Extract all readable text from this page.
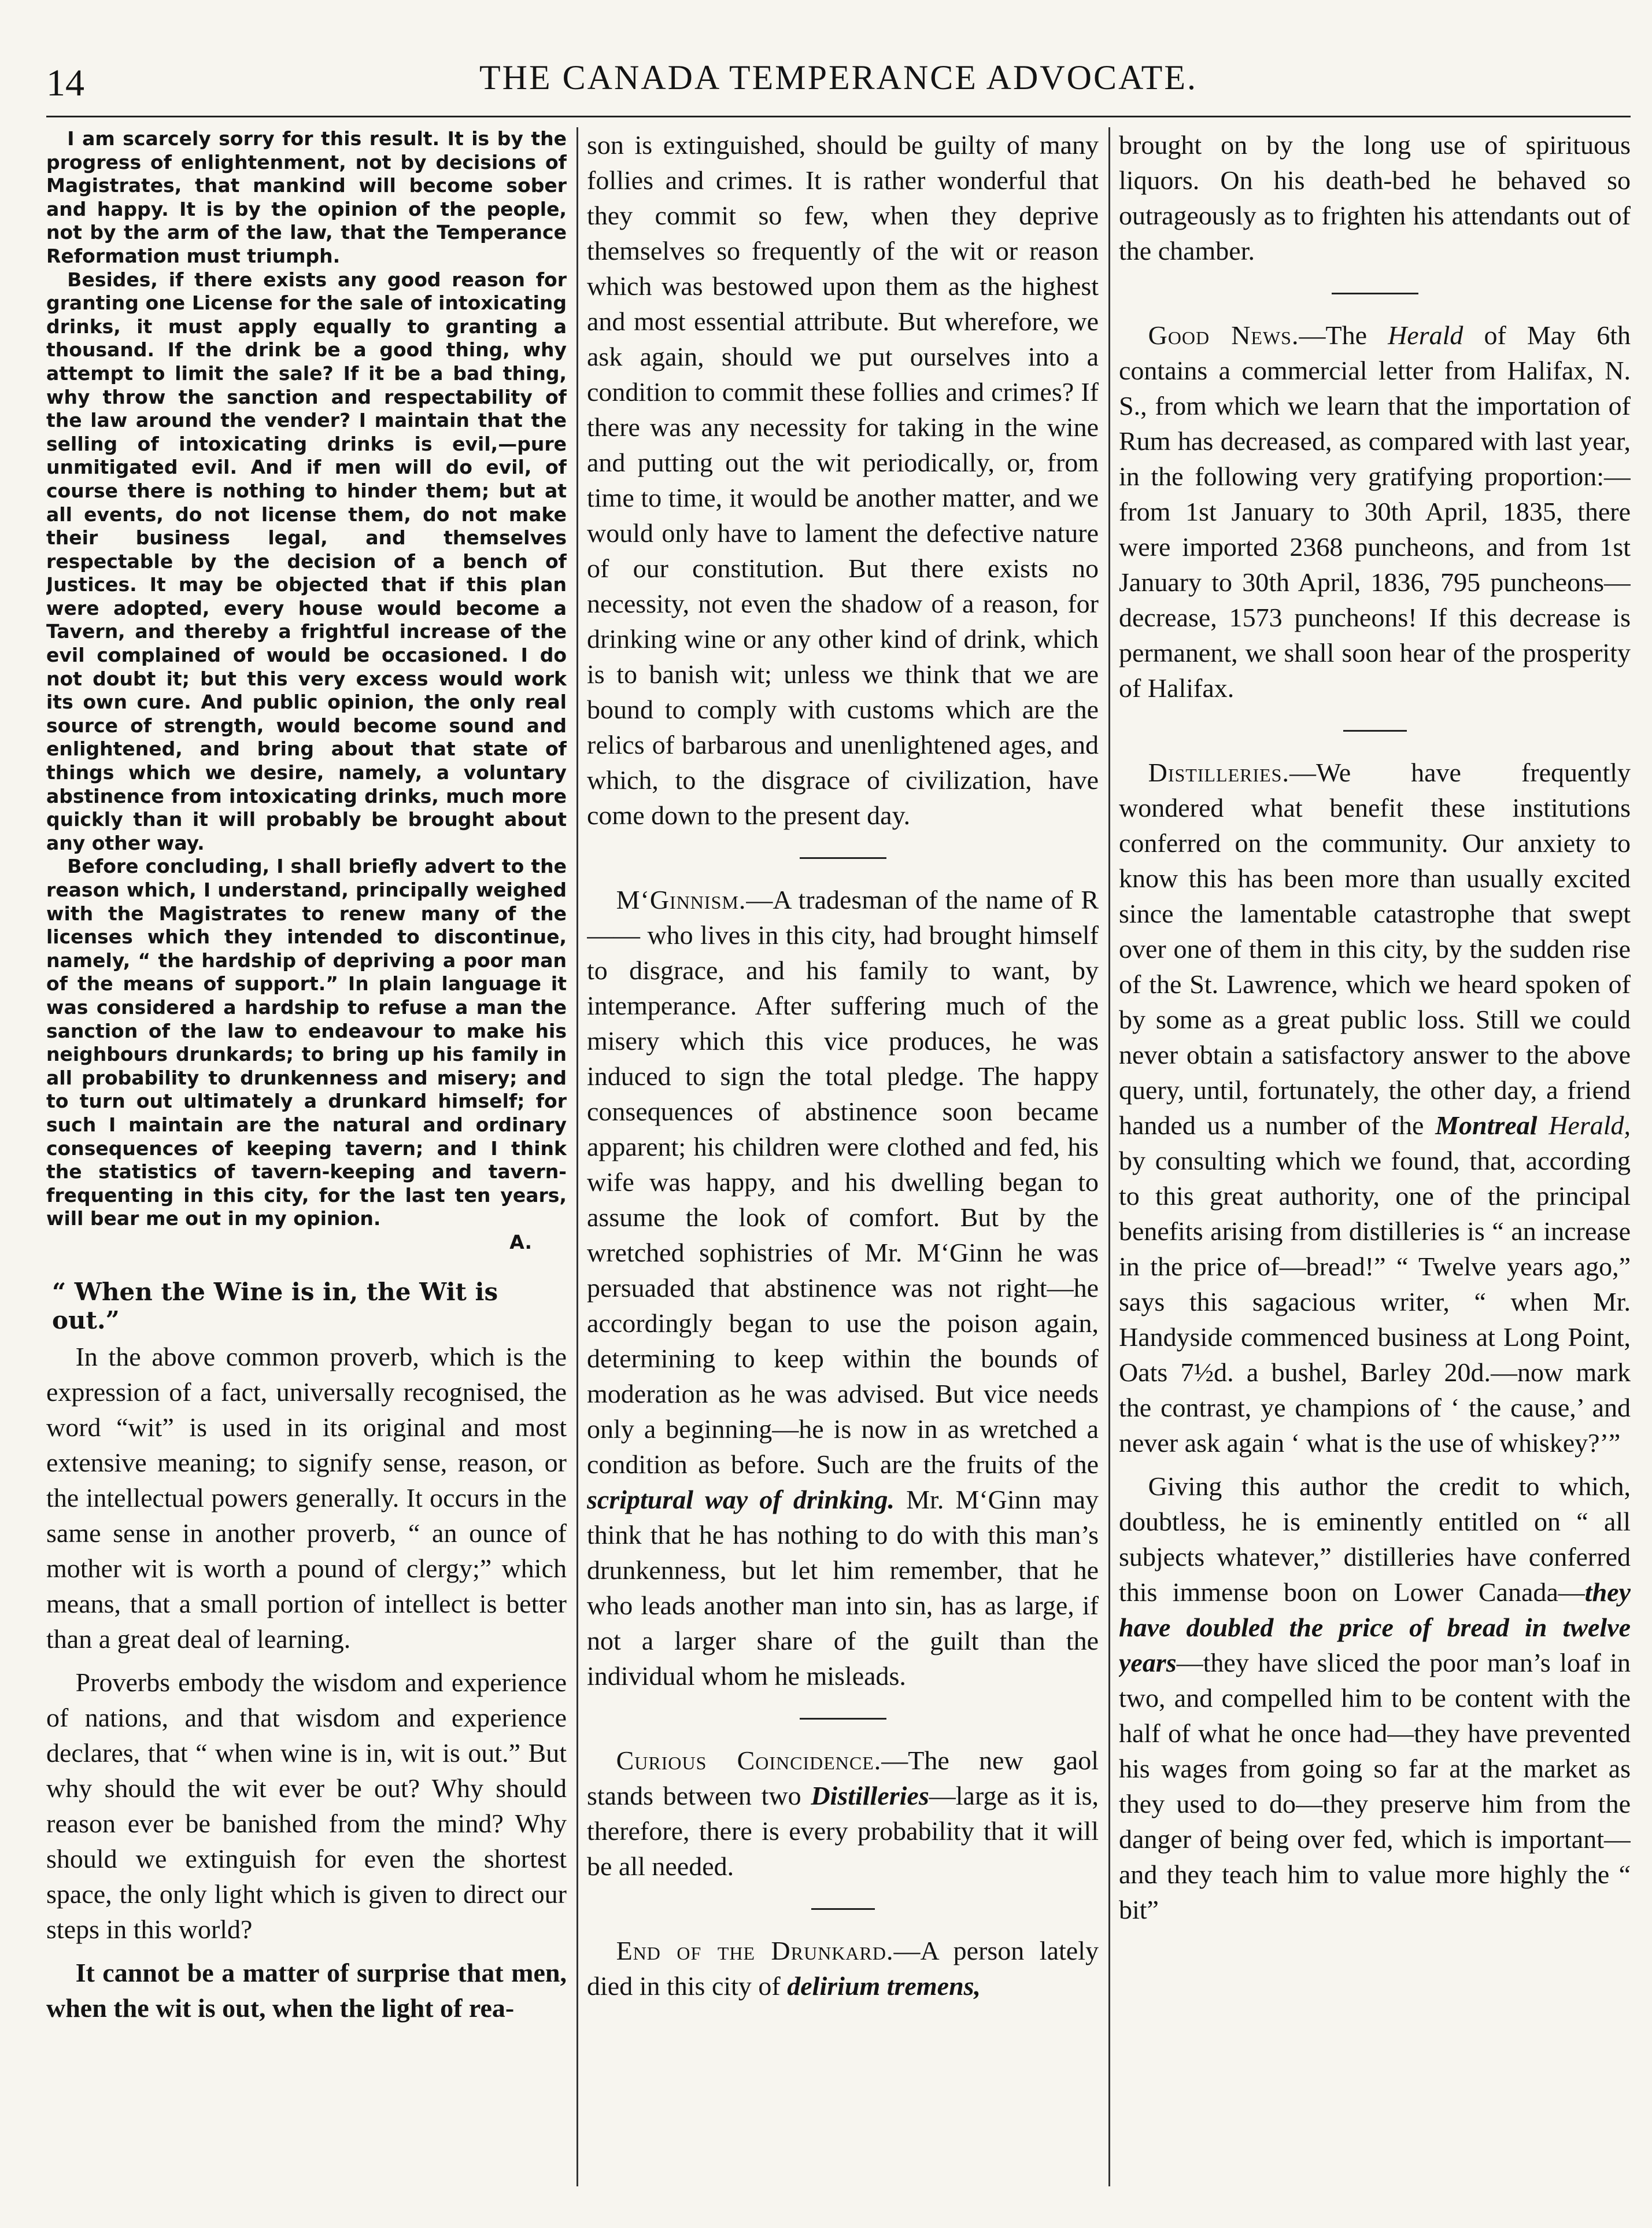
14	THE CANADA TEMPERANCE ADVOCATE.

I am scarcely sorry for this result. It is by the progress of enlightenment, not by decisions of Magistrates, that mankind will become sober and happy. It is by the opinion of the people, not by the arm of the law, that the Temperance Reformation must triumph.

Besides, if there exists any good reason for granting one License for the sale of intoxicating drinks, it must apply equally to granting a thousand. If the drink be a good thing, why attempt to limit the sale? If it be a bad thing, why throw the sanction and respectability of the law around the vender? I maintain that the selling of intoxicating drinks is evil,—pure unmitigated evil. And if men will do evil, of course there is nothing to hinder them; but at all events, do not license them, do not make their business legal, and themselves respectable by the decision of a bench of Justices. It may be objected that if this plan were adopted, every house would become a Tavern, and thereby a frightful increase of the evil complained of would be occasioned. I do not doubt it; but this very excess would work its own cure. And public opinion, the only real source of strength, would become sound and enlightened, and bring about that state of things which we desire, namely, a voluntary abstinence from intoxicating drinks, much more quickly than it will probably be brought about any other way.

Before concluding, I shall briefly advert to the reason which, I understand, principally weighed with the Magistrates to renew many of the licenses which they intended to discontinue, namely, “ the hardship of depriving a poor man of the means of support.” In plain language it was considered a hardship to refuse a man the sanction of the law to endeavour to make his neighbours drunkards; to bring up his family in all probability to drunkenness and misery; and to turn out ultimately a drunkard himself; for such I maintain are the natural and ordinary consequences of keeping tavern; and I think the statistics of tavern-keeping and tavern-frequenting in this city, for the last ten years, will bear me out in my opinion.

A.

“ When the Wine is in, the Wit is out.”

In the above common proverb, which is the expression of a fact, universally recognised, the word “wit” is used in its original and most extensive meaning; to signify sense, reason, or the intellectual powers generally. It occurs in the same sense in another proverb, “ an ounce of mother wit is worth a pound of clergy;” which means, that a small portion of intellect is better than a great deal of learning.

Proverbs embody the wisdom and experience of nations, and that wisdom and experience declares, that “ when wine is in, wit is out.” But why should the wit ever be out? Why should reason ever be banished from the mind? Why should we extinguish for even the shortest space, the only light which is given to direct our steps in this world?

It cannot be a matter of surprise that men, when the wit is out, when the light of rea-

son is extinguished, should be guilty of many follies and crimes. It is rather wonderful that they commit so few, when they deprive themselves so frequently of the wit or reason which was bestowed upon them as the highest and most essential attribute. But wherefore, we ask again, should we put ourselves into a condition to commit these follies and crimes? If there was any necessity for taking in the wine and putting out the wit periodically, or, from time to time, it would be another matter, and we would only have to lament the defective nature of our constitution. But there exists no necessity, not even the shadow of a reason, for drinking wine or any other kind of drink, which is to banish wit; unless we think that we are bound to comply with customs which are the relics of barbarous and unenlightened ages, and which, to the disgrace of civilization, have come down to the present day.

M‘Ginnism.—A tradesman of the name of R—— who lives in this city, had brought himself to disgrace, and his family to want, by intemperance. After suffering much of the misery which this vice produces, he was induced to sign the total pledge. The happy consequences of abstinence soon became apparent; his children were clothed and fed, his wife was happy, and his dwelling began to assume the look of comfort. But by the wretched sophistries of Mr. M‘Ginn he was persuaded that abstinence was not right—he accordingly began to use the poison again, determining to keep within the bounds of moderation as he was advised. But vice needs only a beginning—he is now in as wretched a condition as before. Such are the fruits of the scriptural way of drinking. Mr. M‘Ginn may think that he has nothing to do with this man’s drunkenness, but let him remember, that he who leads another man into sin, has as large, if not a larger share of the guilt than the individual whom he misleads.

Curious Coincidence.—The new gaol stands between two Distilleries—large as it is, therefore, there is every probability that it will be all needed.

End of the Drunkard.—A person lately died in this city of delirium tremens,

brought on by the long use of spirituous liquors. On his death-bed he behaved so outrageously as to frighten his attendants out of the chamber.

Good News.—The Herald of May 6th contains a commercial letter from Halifax, N. S., from which we learn that the importation of Rum has decreased, as compared with last year, in the following very gratifying proportion:—from 1st January to 30th April, 1835, there were imported 2368 puncheons, and from 1st January to 30th April, 1836, 795 puncheons—decrease, 1573 puncheons! If this decrease is permanent, we shall soon hear of the prosperity of Halifax.

Distilleries.—We have frequently wondered what benefit these institutions conferred on the community. Our anxiety to know this has been more than usually excited since the lamentable catastrophe that swept over one of them in this city, by the sudden rise of the St. Lawrence, which we heard spoken of by some as a great public loss. Still we could never obtain a satisfactory answer to the above query, until, fortunately, the other day, a friend handed us a number of the Montreal Herald, by consulting which we found, that, according to this great authority, one of the principal benefits arising from distilleries is “ an increase in the price of—bread!” “ Twelve years ago,” says this sagacious writer, “ when Mr. Handyside commenced business at Long Point, Oats 7½d. a bushel, Barley 20d.—now mark the contrast, ye champions of ‘ the cause,’ and never ask again ‘ what is the use of whiskey?’”

Giving this author the credit to which, doubtless, he is eminently entitled on “ all subjects whatever,” distilleries have conferred this immense boon on Lower Canada—they have doubled the price of bread in twelve years—they have sliced the poor man’s loaf in two, and compelled him to be content with the half of what he once had—they have prevented his wages from going so far at the market as they used to do—they preserve him from the danger of being over fed, which is important—and they teach him to value more highly the “ bit”
